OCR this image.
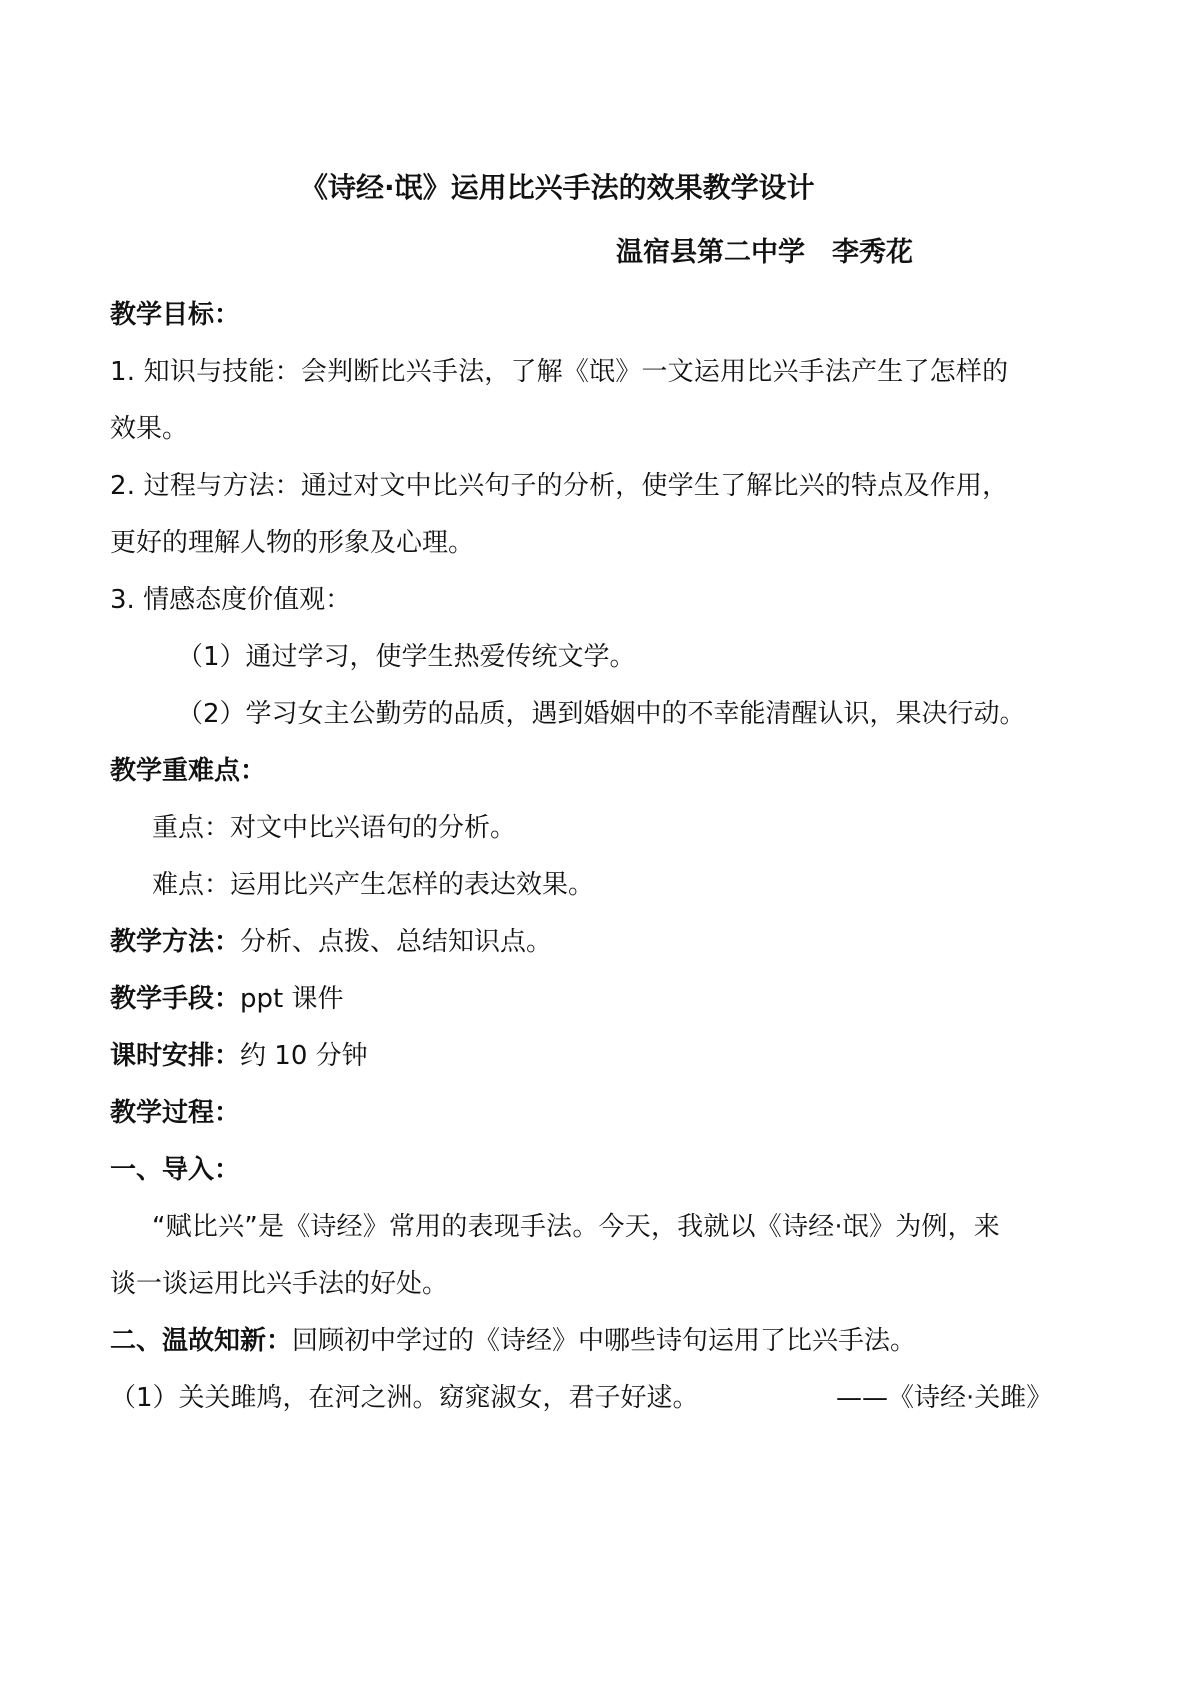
《诗经·氓》运用比兴手法的效果教学设计
温宿县第二中学　李秀花
教学目标：
1. 知识与技能：会判断比兴手法，了解《氓》一文运用比兴手法产生了怎样的
效果。
2. 过程与方法：通过对文中比兴句子的分析，使学生了解比兴的特点及作用，
更好的理解人物的形象及心理。
3. 情感态度价值观：
（1）通过学习，使学生热爱传统文学。
（2）学习女主公勤劳的品质，遇到婚姻中的不幸能清醒认识，果决行动。
教学重难点：
重点：对文中比兴语句的分析。
难点：运用比兴产生怎样的表达效果。
教学方法：分析、点拨、总结知识点。
教学手段：ppt 课件
课时安排：约 10 分钟
教学过程：
一、导入：
“赋比兴”是《诗经》常用的表现手法。今天，我就以《诗经·氓》为例，来
谈一谈运用比兴手法的好处。
二、温故知新：回顾初中学过的《诗经》中哪些诗句运用了比兴手法。
（1）关关雎鸠，在河之洲。窈窕淑女，君子好逑。	——《诗经·关雎》
